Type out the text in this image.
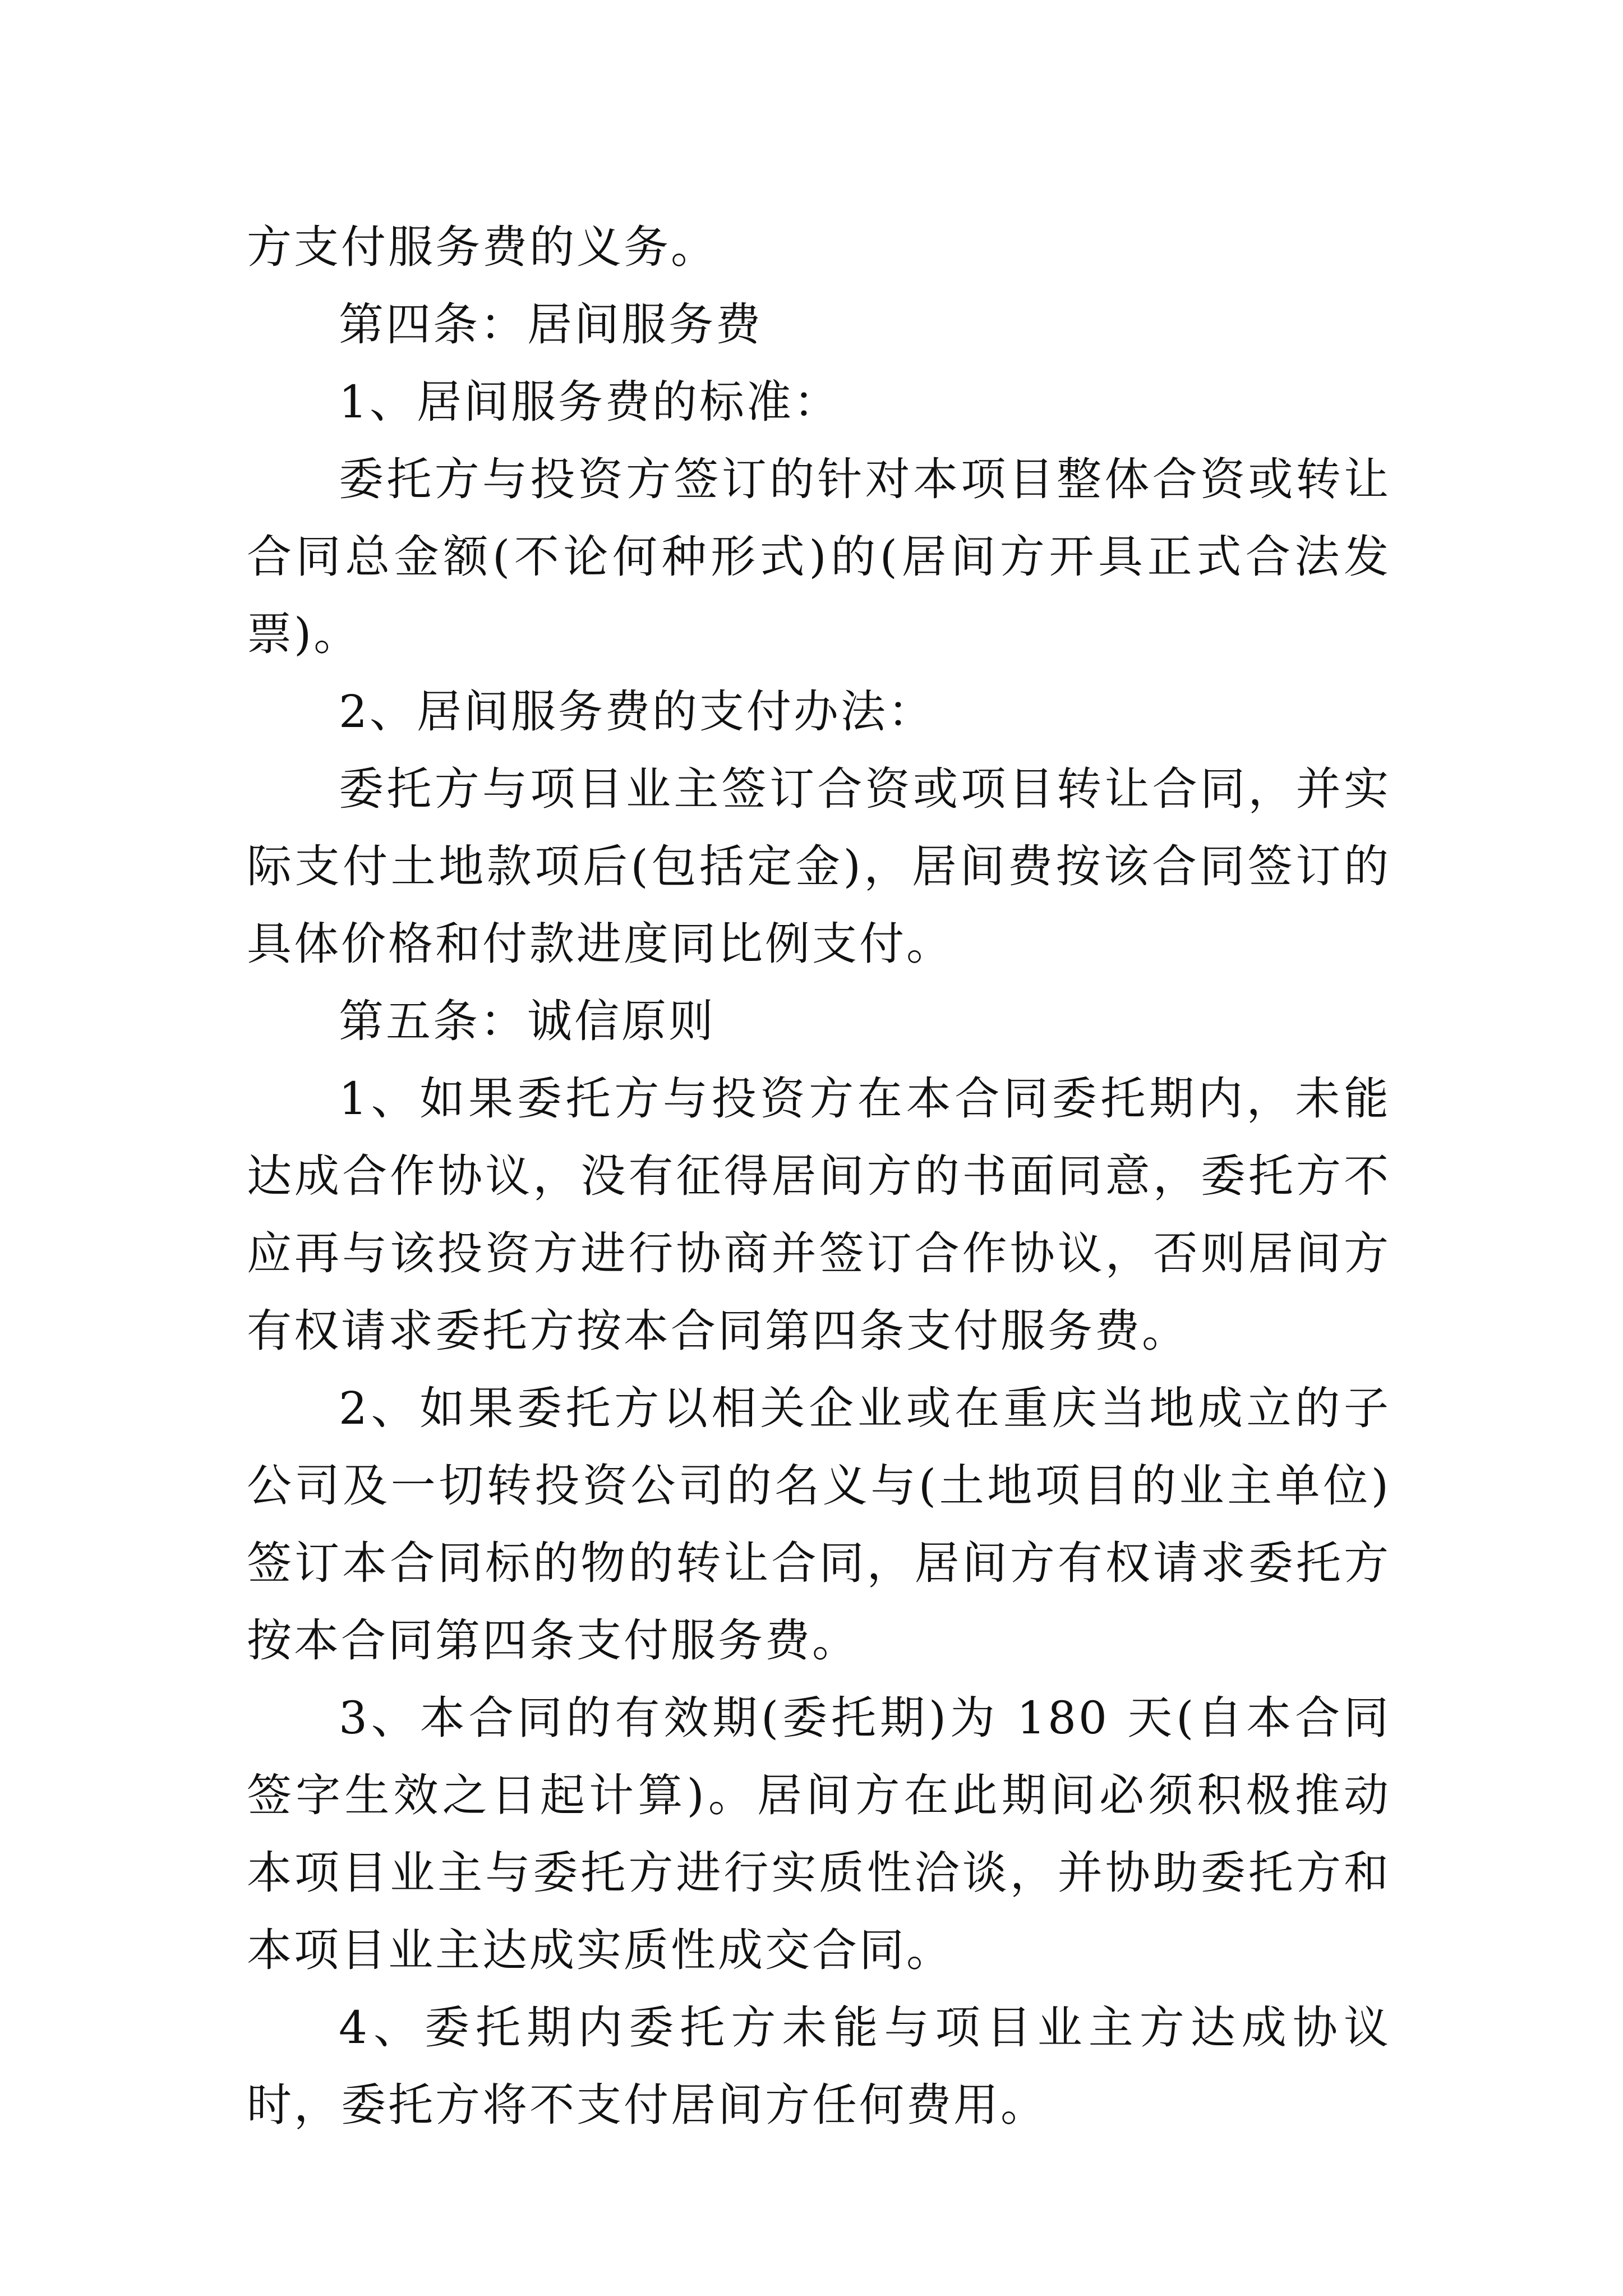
方支付服务费的义务。

第四条：居间服务费

1、居间服务费的标准：

委托方与投资方签订的针对本项目整体合资或转让合同总金额(不论何种形式)的(居间方开具正式合法发票)。

2、居间服务费的支付办法：

委托方与项目业主签订合资或项目转让合同，并实际支付土地款项后(包括定金)，居间费按该合同签订的具体价格和付款进度同比例支付。

第五条：诚信原则

1、如果委托方与投资方在本合同委托期内，未能达成合作协议，没有征得居间方的书面同意，委托方不应再与该投资方进行协商并签订合作协议，否则居间方有权请求委托方按本合同第四条支付服务费。

2、如果委托方以相关企业或在重庆当地成立的子公司及一切转投资公司的名义与(土地项目的业主单位)签订本合同标的物的转让合同，居间方有权请求委托方按本合同第四条支付服务费。

3、本合同的有效期(委托期)为 180 天(自本合同签字生效之日起计算)。居间方在此期间必须积极推动本项目业主与委托方进行实质性洽谈，并协助委托方和本项目业主达成实质性成交合同。

4、委托期内委托方未能与项目业主方达成协议时，委托方将不支付居间方任何费用。
